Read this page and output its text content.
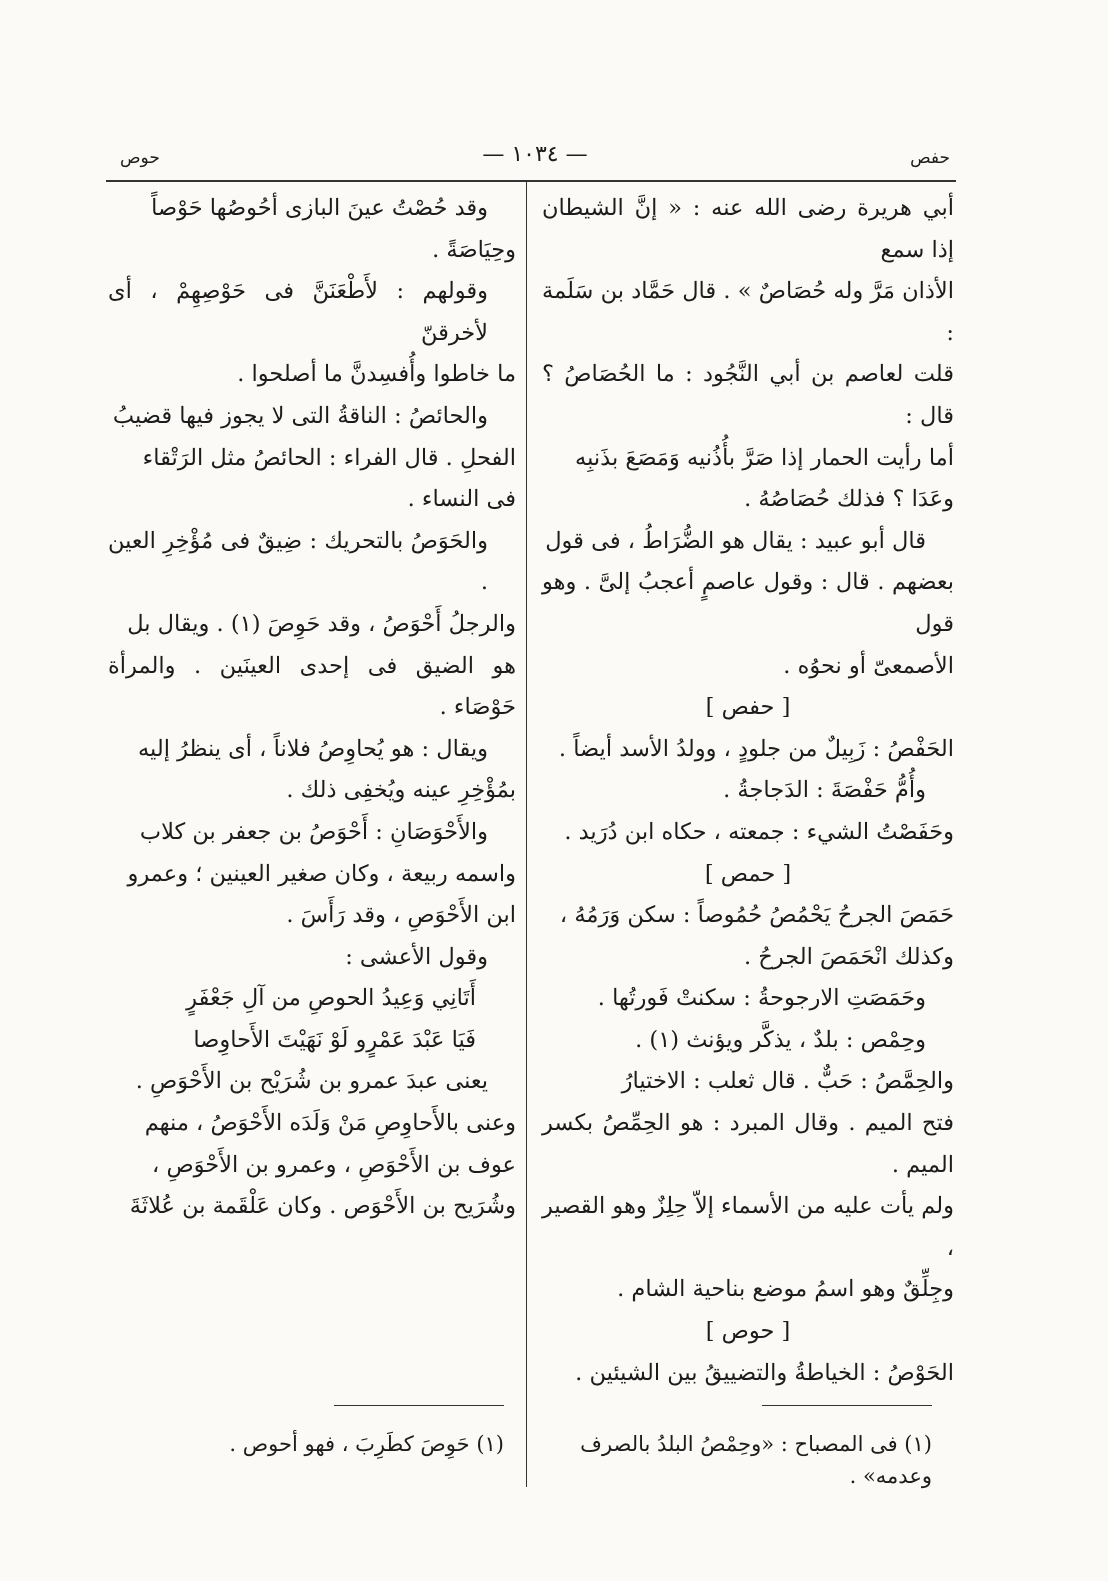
حفص
— ١٠٣٤ —
حوص

أبي هريرة رضى الله عنه : « إنَّ الشيطان إذا سمع

الأذان مَرَّ وله حُصَاصٌ » . قال حَمَّاد بن سَلَمة :

قلت لعاصم بن أبي النَّجُود : ما الحُصَاصُ ؟ قال :

أما رأيت الحمار إذا صَرَّ بأُذُنيه وَمَصَعَ بذَنبِه

وعَدَا ؟ فذلك حُصَاصُهُ .

قال أبو عبيد : يقال هو الضُّرَاطُ ، فى قول

بعضهم . قال : وقول عاصمٍ أعجبُ إلىَّ . وهو قول

الأصمعىّ أو نحوُه .

[ حفص ]

الحَفْصُ : زَبِيلٌ من جلودٍ ، وولدُ الأسد أيضاً .

وأُمُّ حَفْصَةَ : الدَجاجةُ .

وحَفَصْتُ الشيء : جمعته ، حكاه ابن دُرَيد .

[ حمص ]

حَمَصَ الجرحُ يَحْمُصُ حُمُوصاً : سكن وَرَمُهُ ،

وكذلك انْحَمَصَ الجرحُ .

وحَمَصَتِ الارجوحةُ : سكنتْ فَورتُها .

وحِمْص : بلدٌ ، يذكَّر ويؤنث (١) .

والحِمَّصُ : حَبٌّ . قال ثعلب : الاختيارُ

فتح الميم . وقال المبرد : هو الحِمِّصُ بكسر الميم .

ولم يأت عليه من الأسماء إلاّ حِلِزٌ وهو القصير ،

وجِلِّقٌ وهو اسمُ موضع بناحية الشام .

[ حوص ]

الحَوْصُ : الخياطةُ والتضييقُ بين الشيئين .

وقد حُصْتُ عينَ البازى أحُوصُها حَوْصاً

وحِيَاصَةً .

وقولهم : لأَطْعَنَنَّ فى حَوْصِهِمْ ، أى لأخرقنّ

ما خاطوا وأُفسِدنَّ ما أصلحوا .

والحائصُ : الناقةُ التى لا يجوز فيها قضيبُ

الفحلِ . قال الفراء : الحائصُ مثل الرَتْقاء

فى النساء .

والحَوَصُ بالتحريك : ضِيقٌ فى مُؤْخِرِ العين .

والرجلُ أَحْوَصُ ، وقد حَوِصَ (١) . ويقال بل

هو الضيق فى إحدى العينَين . والمرأة حَوْصَاء .

ويقال : هو يُحاوِصُ فلاناً ، أى ينظرُ إليه

بمُؤْخِرِ عينه ويُخفِى ذلك .

والأَحْوَصَانِ : أَحْوَصُ بن جعفر بن كلاب

واسمه ربيعة ، وكان صغير العينين ؛ وعمرو

ابن الأَحْوَصِ ، وقد رَأَسَ .

وقول الأعشى :

أَتَانِي وَعِيدُ الحوصِ من آلِ جَعْفَرٍ

فَيَا عَبْدَ عَمْرٍو لَوْ نَهَيْتَ الأَحاوِصا

يعنى عبدَ عمرو بن شُرَيْح بن الأَحْوَصِ .

وعنى بالأَحاوِصِ مَنْ وَلَدَه الأَحْوَصُ ، منهم

عوف بن الأَحْوَصِ ، وعمرو بن الأَحْوَصِ ،

وشُرَيح بن الأَحْوَص . وكان عَلْقَمة بن عُلاثَةَ

(١) فى المصباح : «وحِمْصُ البلدُ بالصرف وعدمه» .
(١) حَوِصَ كطَرِبَ ، فهو أحوص .
